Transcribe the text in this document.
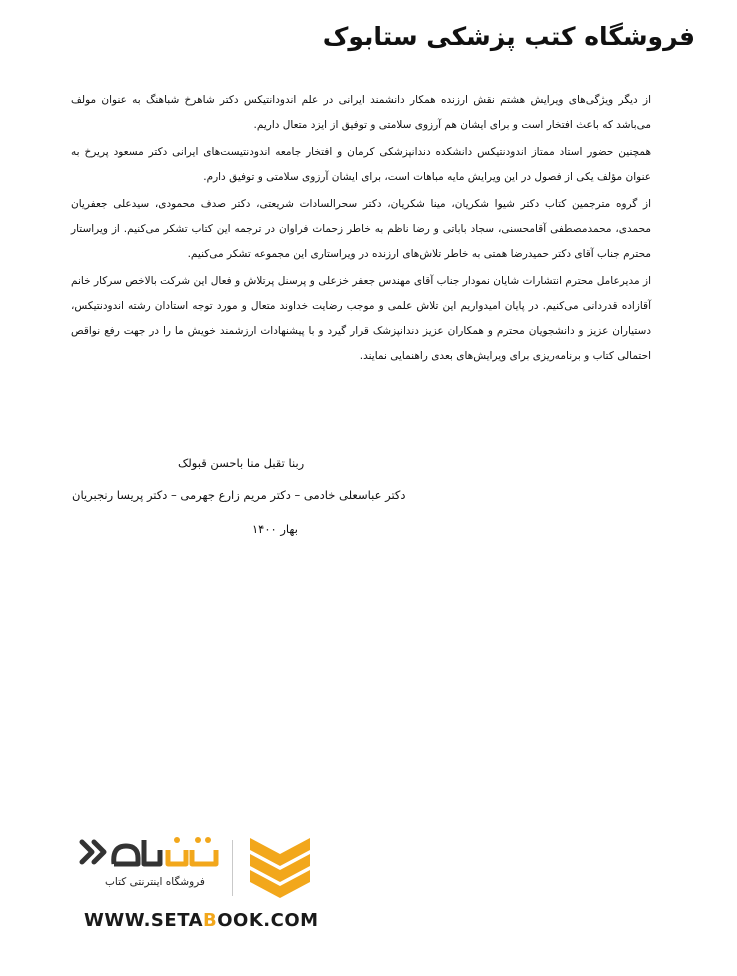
فروشگاه کتب پزشکی ستابوک

از دیگر ویژگی‌های ویرایش هشتم نقش ارزنده همکار دانشمند ایرانی در علم اندودانتیکس دکتر شاهرخ شباهنگ به عنوان مولف می‌باشد که باعث افتخار است و برای ایشان هم آرزوی سلامتی و توفیق از ایزد متعال داریم.

همچنین حضور استاد ممتاز اندودنتیکس دانشکده دندانپزشکی کرمان و افتخار جامعه اندودنتیست‌های ایرانی دکتر مسعود پریرخ به عنوان مؤلف یکی از فصول در این ویرایش مایه مباهات است، برای ایشان آرزوی سلامتی و توفیق دارم.

از گروه مترجمین کتاب دکتر شیوا شکریان، مینا شکریان، دکتر سحرالسادات شریعتی، دکتر صدف محمودی، سیدعلی جعفریان محمدی، محمدمصطفی آقامحسنی، سجاد باباتی و رضا ناظم به خاطر زحمات فراوان در ترجمه این کتاب تشکر می‌کنیم. از ویراستار محترم جناب آقای دکتر حمیدرضا همتی به خاطر تلاش‌های ارزنده در ویراستاری این مجموعه تشکر می‌کنیم.

از مدیرعامل محترم انتشارات شایان نمودار جناب آقای مهندس جعفر خزعلی و پرسنل پرتلاش و فعال این شرکت بالاخص سرکار خانم آقازاده قدردانی می‌کنیم. در پایان امیدواریم این تلاش علمی و موجب رضایت خداوند متعال و مورد توجه استادان رشته اندودنتیکس، دستیاران عزیز و دانشجویان محترم و همکاران عزیز دندانپزشک قرار گیرد و با پیشنهادات ارزشمند خویش ما را در جهت رفع نواقص احتمالی کتاب و برنامه‌ریزی برای ویرایش‌های بعدی راهنمایی نمایند.

ربنا تقبل منا باحسن قبولک
دکتر عباسعلی خادمی – دکتر مریم زارع جهرمی – دکتر پریسا رنجبریان
بهار ۱۴۰۰
فروشگاه اینترنتی کتاب
WWW.SETABOOK.COM
